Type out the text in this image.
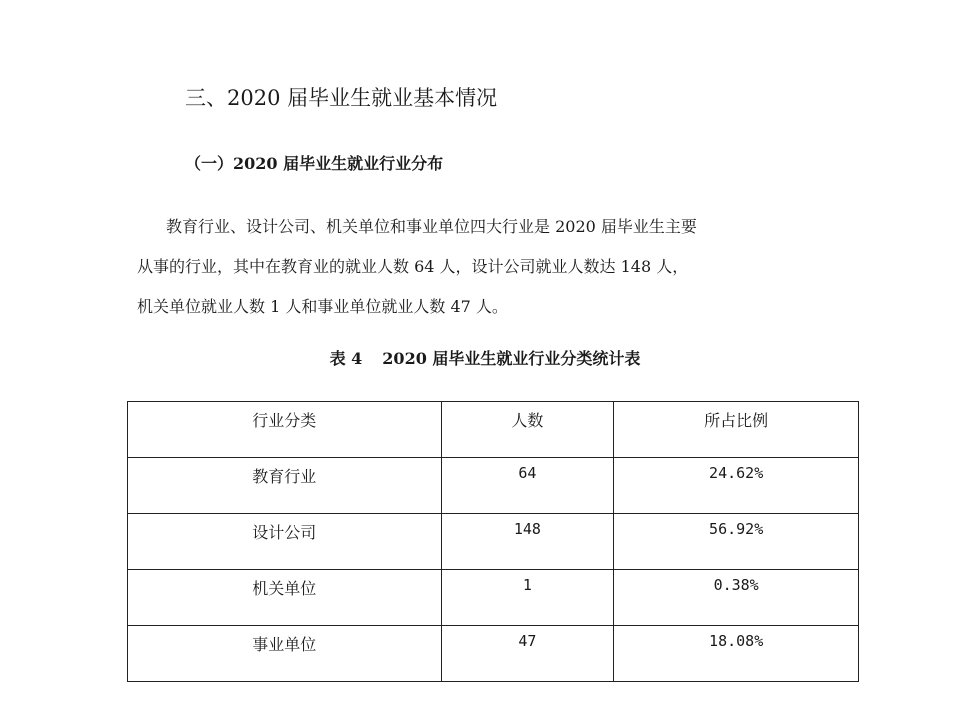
三、2020 届毕业生就业基本情况
（一）2020 届毕业生就业行业分布
教育行业、设计公司、机关单位和事业单位四大行业是 2020 届毕业生主要
从事的行业，其中在教育业的就业人数 64 人，设计公司就业人数达 148 人，
机关单位就业人数 1 人和事业单位就业人数 47 人。
表 4 2020 届毕业生就业行业分类统计表
行业分类	人数	所占比例
教育行业	64	24.62%
设计公司	148	56.92%
机关单位	1	0.38%
事业单位	47	18.08%
